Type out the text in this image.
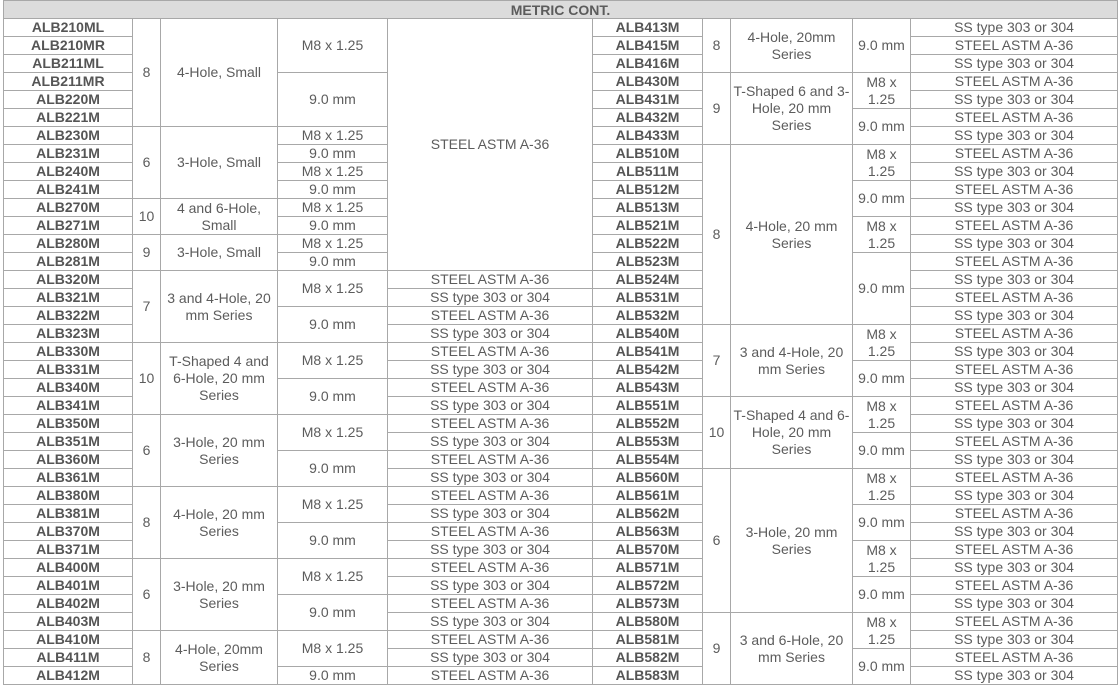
METRIC CONT.									
ALB210ML	8	4-Hole, Small	M8 x 1.25	STEEL ASTM A-36	ALB413M	8	4-Hole, 20mm Series	9.0 mm	SS type 303 or 304
ALB210MR					ALB415M				STEEL ASTM A-36
ALB211ML					ALB416M				SS type 303 or 304
ALB211MR			9.0 mm		ALB430M	9	T-Shaped 6 and 3-Hole, 20 mm Series	M8 x 1.25	STEEL ASTM A-36
ALB220M					ALB431M				SS type 303 or 304
ALB221M					ALB432M			9.0 mm	STEEL ASTM A-36
ALB230M	6	3-Hole, Small	M8 x 1.25		ALB433M				SS type 303 or 304
ALB231M			9.0 mm		ALB510M	8	4-Hole, 20 mm Series	M8 x 1.25	STEEL ASTM A-36
ALB240M			M8 x 1.25		ALB511M				SS type 303 or 304
ALB241M			9.0 mm		ALB512M			9.0 mm	STEEL ASTM A-36
ALB270M	10	4 and 6-Hole, Small	M8 x 1.25		ALB513M				SS type 303 or 304
ALB271M			9.0 mm		ALB521M			M8 x 1.25	STEEL ASTM A-36
ALB280M	9	3-Hole, Small	M8 x 1.25		ALB522M				SS type 303 or 304
ALB281M			9.0 mm		ALB523M			9.0 mm	STEEL ASTM A-36
ALB320M	7	3 and 4-Hole, 20 mm Series	M8 x 1.25	STEEL ASTM A-36	ALB524M				SS type 303 or 304
ALB321M				SS type 303 or 304	ALB531M				STEEL ASTM A-36
ALB322M			9.0 mm	STEEL ASTM A-36	ALB532M				SS type 303 or 304
ALB323M				SS type 303 or 304	ALB540M	7	3 and 4-Hole, 20 mm Series	M8 x 1.25	STEEL ASTM A-36
ALB330M	10	T-Shaped 4 and 6-Hole, 20 mm Series	M8 x 1.25	STEEL ASTM A-36	ALB541M				SS type 303 or 304
ALB331M				SS type 303 or 304	ALB542M			9.0 mm	STEEL ASTM A-36
ALB340M			9.0 mm	STEEL ASTM A-36	ALB543M				SS type 303 or 304
ALB341M				SS type 303 or 304	ALB551M	10	T-Shaped 4 and 6-Hole, 20 mm Series	M8 x 1.25	STEEL ASTM A-36
ALB350M	6	3-Hole, 20 mm Series	M8 x 1.25	STEEL ASTM A-36	ALB552M				SS type 303 or 304
ALB351M				SS type 303 or 304	ALB553M			9.0 mm	STEEL ASTM A-36
ALB360M			9.0 mm	STEEL ASTM A-36	ALB554M				SS type 303 or 304
ALB361M				SS type 303 or 304	ALB560M	6	3-Hole, 20 mm Series	M8 x 1.25	STEEL ASTM A-36
ALB380M	8	4-Hole, 20 mm Series	M8 x 1.25	STEEL ASTM A-36	ALB561M				SS type 303 or 304
ALB381M				SS type 303 or 304	ALB562M			9.0 mm	STEEL ASTM A-36
ALB370M			9.0 mm	STEEL ASTM A-36	ALB563M				SS type 303 or 304
ALB371M				SS type 303 or 304	ALB570M			M8 x 1.25	STEEL ASTM A-36
ALB400M	6	3-Hole, 20 mm Series	M8 x 1.25	STEEL ASTM A-36	ALB571M				SS type 303 or 304
ALB401M				SS type 303 or 304	ALB572M			9.0 mm	STEEL ASTM A-36
ALB402M			9.0 mm	STEEL ASTM A-36	ALB573M				SS type 303 or 304
ALB403M				SS type 303 or 304	ALB580M	9	3 and 6-Hole, 20 mm Series	M8 x 1.25	STEEL ASTM A-36
ALB410M	8	4-Hole, 20mm Series	M8 x 1.25	STEEL ASTM A-36	ALB581M				SS type 303 or 304
ALB411M				SS type 303 or 304	ALB582M			9.0 mm	STEEL ASTM A-36
ALB412M			9.0 mm	STEEL ASTM A-36	ALB583M				SS type 303 or 304
